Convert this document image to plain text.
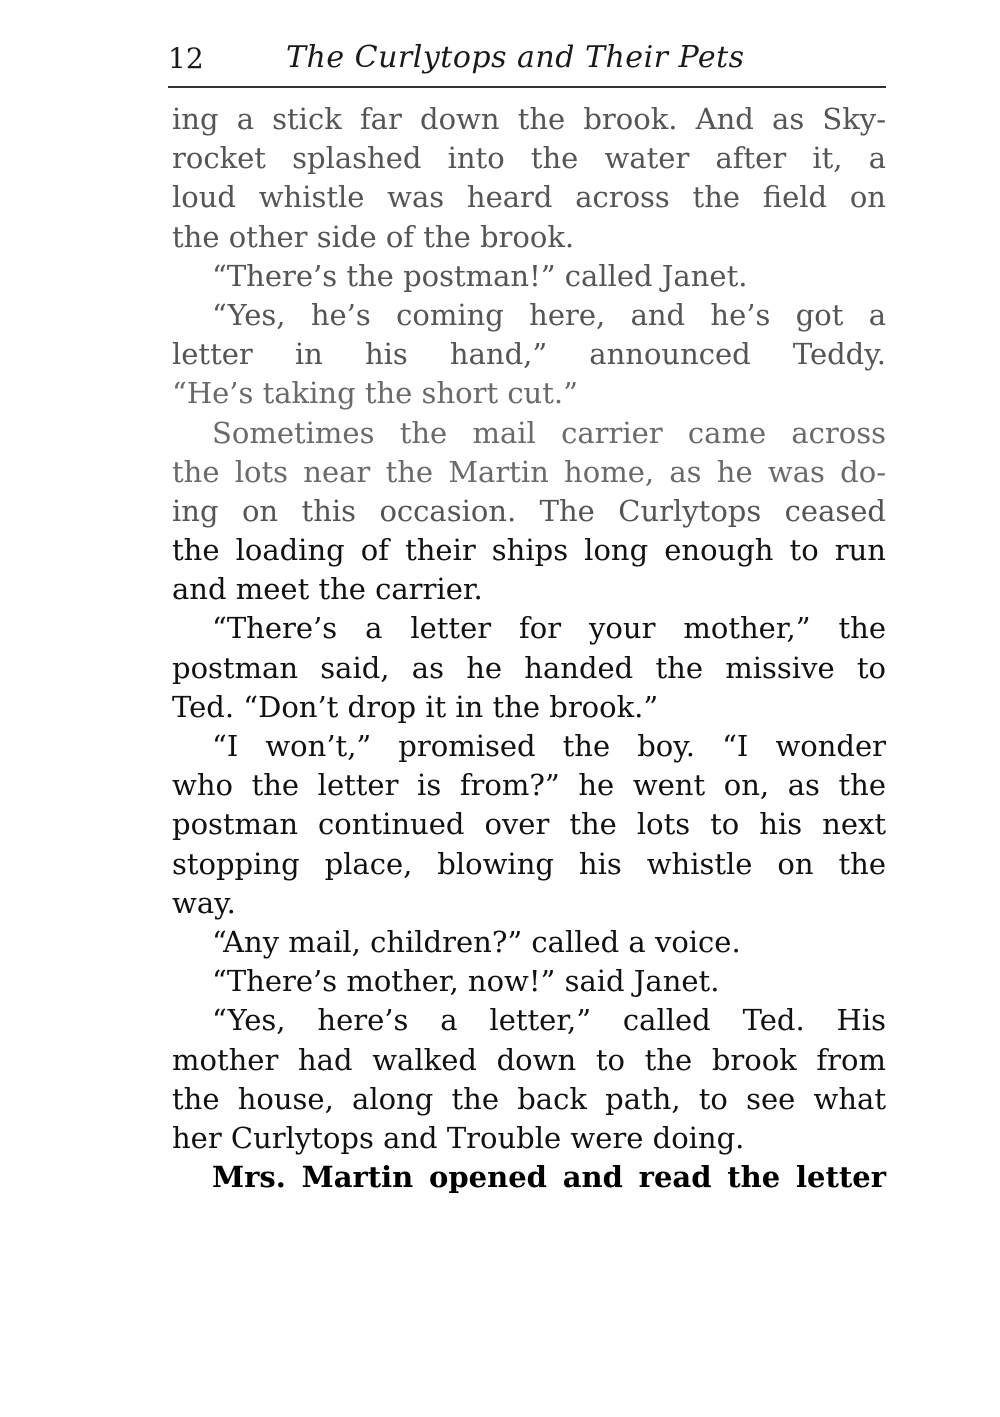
12	The Curlytops and Their Pets
ing a stick far down the brook. And as Sky-
rocket splashed into the water after it, a
loud whistle was heard across the field on
the other side of the brook.
“There’s the postman!” called Janet.
“Yes, he’s coming here, and he’s got a
letter in his hand,” announced Teddy.
“He’s taking the short cut.”
Sometimes the mail carrier came across
the lots near the Martin home, as he was do-
ing on this occasion. The Curlytops ceased
the loading of their ships long enough to run
and meet the carrier.
“There’s a letter for your mother,” the
postman said, as he handed the missive to
Ted. “Don’t drop it in the brook.”
“I won’t,” promised the boy. “I wonder
who the letter is from?” he went on, as the
postman continued over the lots to his next
stopping place, blowing his whistle on the
way.
“Any mail, children?” called a voice.
“There’s mother, now!” said Janet.
“Yes, here’s a letter,” called Ted. His
mother had walked down to the brook from
the house, along the back path, to see what
her Curlytops and Trouble were doing.
Mrs. Martin opened and read the letter
